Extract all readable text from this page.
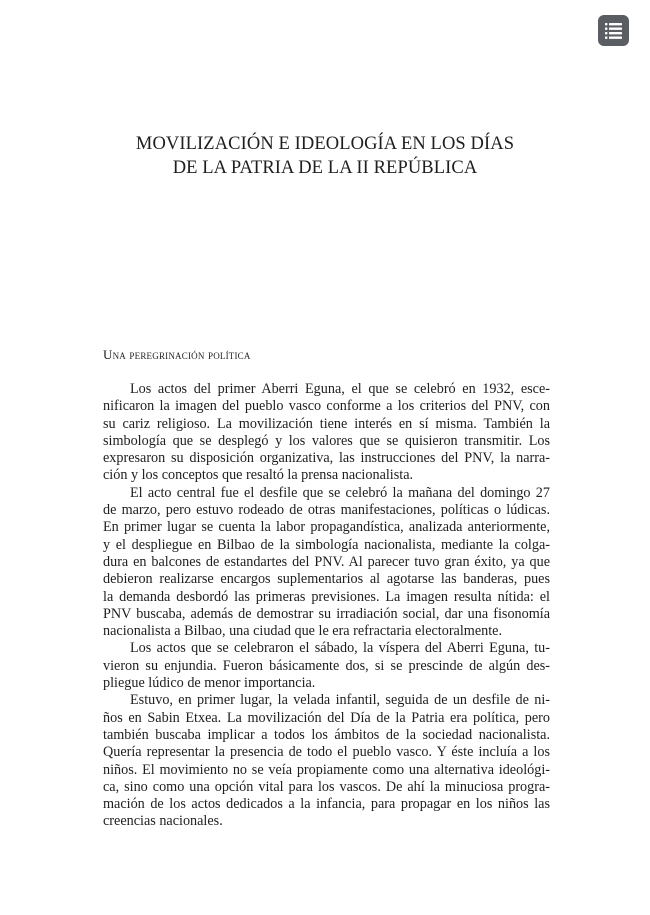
MOVILIZACIÓN E IDEOLOGÍA EN LOS DÍAS
DE LA PATRIA DE LA II REPÚBLICA
Una peregrinación política
Los actos del primer Aberri Eguna, el que se celebró en 1932, esce-
nificaron la imagen del pueblo vasco conforme a los criterios del PNV, con
su cariz religioso. La movilización tiene interés en sí misma. También la
simbología que se desplegó y los valores que se quisieron transmitir. Los
expresaron su disposición organizativa, las instrucciones del PNV, la narra-
ción y los conceptos que resaltó la prensa nacionalista.
El acto central fue el desfile que se celebró la mañana del domingo 27
de marzo, pero estuvo rodeado de otras manifestaciones, políticas o lúdicas.
En primer lugar se cuenta la labor propagandística, analizada anteriormente,
y el despliegue en Bilbao de la simbología nacionalista, mediante la colga-
dura en balcones de estandartes del PNV. Al parecer tuvo gran éxito, ya que
debieron realizarse encargos suplementarios al agotarse las banderas, pues
la demanda desbordó las primeras previsiones. La imagen resulta nítida: el
PNV buscaba, además de demostrar su irradiación social, dar una fisonomía
nacionalista a Bilbao, una ciudad que le era refractaria electoralmente.
Los actos que se celebraron el sábado, la víspera del Aberri Eguna, tu-
vieron su enjundia. Fueron básicamente dos, si se prescinde de algún des-
pliegue lúdico de menor importancia.
Estuvo, en primer lugar, la velada infantil, seguida de un desfile de ni-
ños en Sabin Etxea. La movilización del Día de la Patria era política, pero
también buscaba implicar a todos los ámbitos de la sociedad nacionalista.
Quería representar la presencia de todo el pueblo vasco. Y éste incluía a los
niños. El movimiento no se veía propiamente como una alternativa ideológi-
ca, sino como una opción vital para los vascos. De ahí la minuciosa progra-
mación de los actos dedicados a la infancia, para propagar en los niños las
creencias nacionales.
